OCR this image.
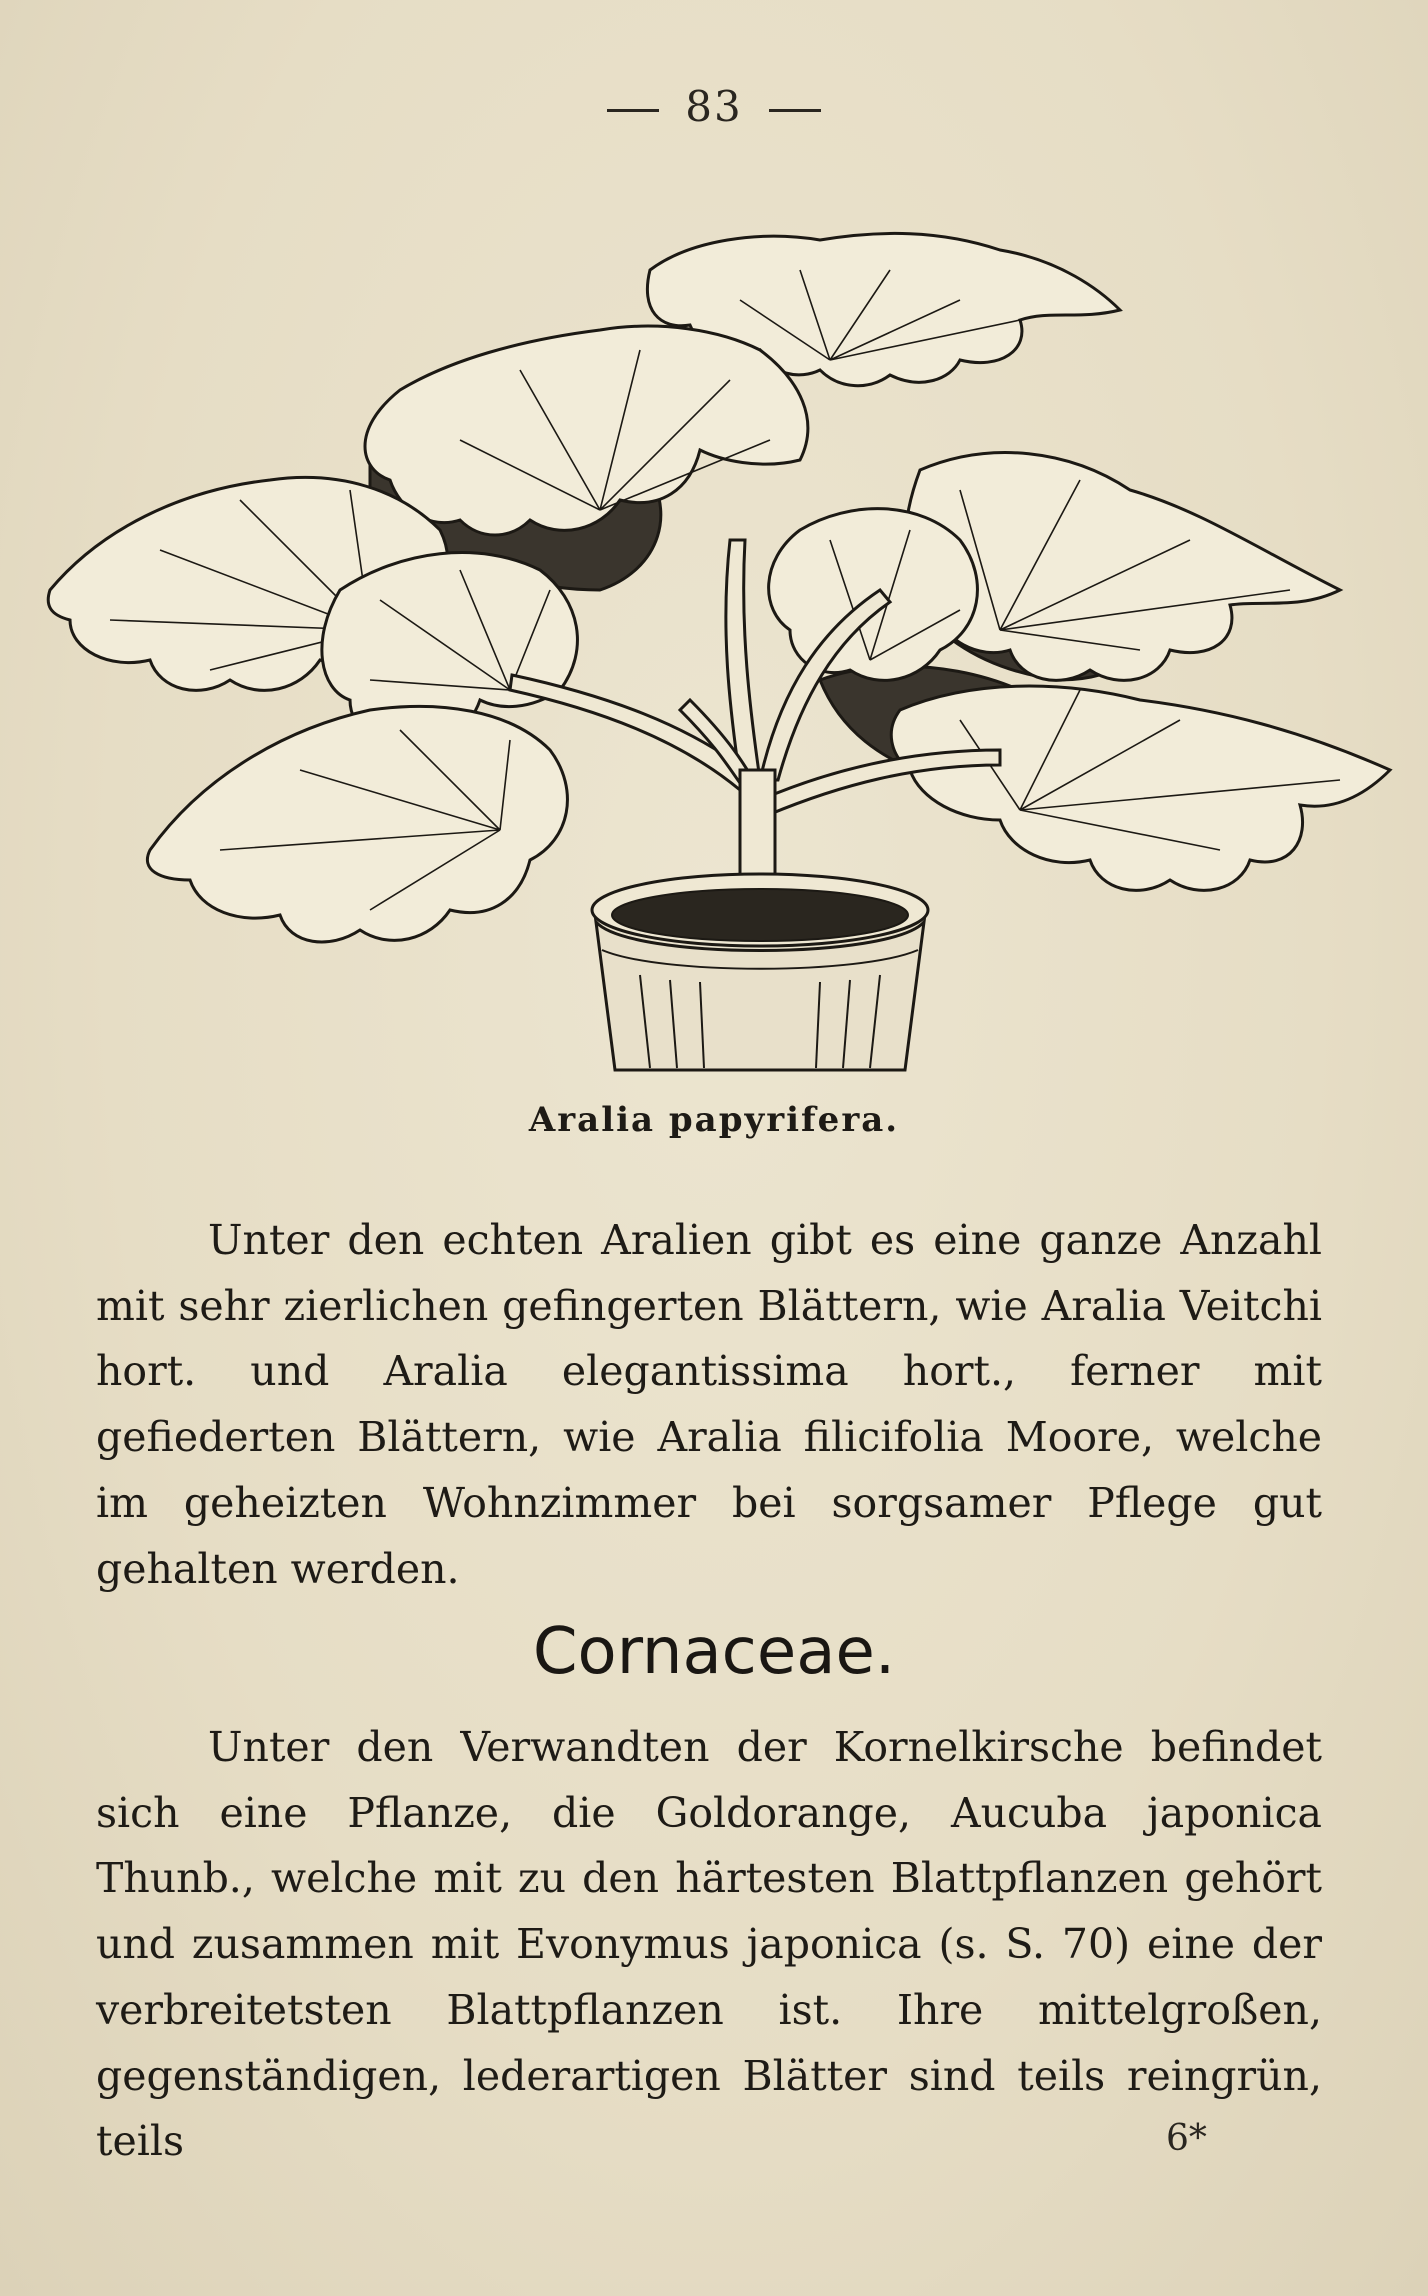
83
Aralia papyrifera.

Unter den echten Aralien gibt es eine ganze Anzahl mit sehr zierlichen gefingerten Blättern, wie Aralia Veitchi hort. und Aralia elegantissima hort., ferner mit gefiederten Blättern, wie Aralia filicifolia Moore, welche im geheizten Wohnzimmer bei sorgsamer Pflege gut gehalten werden.

Cornaceae.

Unter den Verwandten der Kornelkirsche befindet sich eine Pflanze, die Goldorange, Aucuba japonica Thunb., welche mit zu den härtesten Blattpflanzen gehört und zusammen mit Evonymus japonica (s. S. 70) eine der verbreitetsten Blattpflanzen ist. Ihre mittelgroßen, gegenständigen, lederartigen Blätter sind teils reingrün, teils	6*
